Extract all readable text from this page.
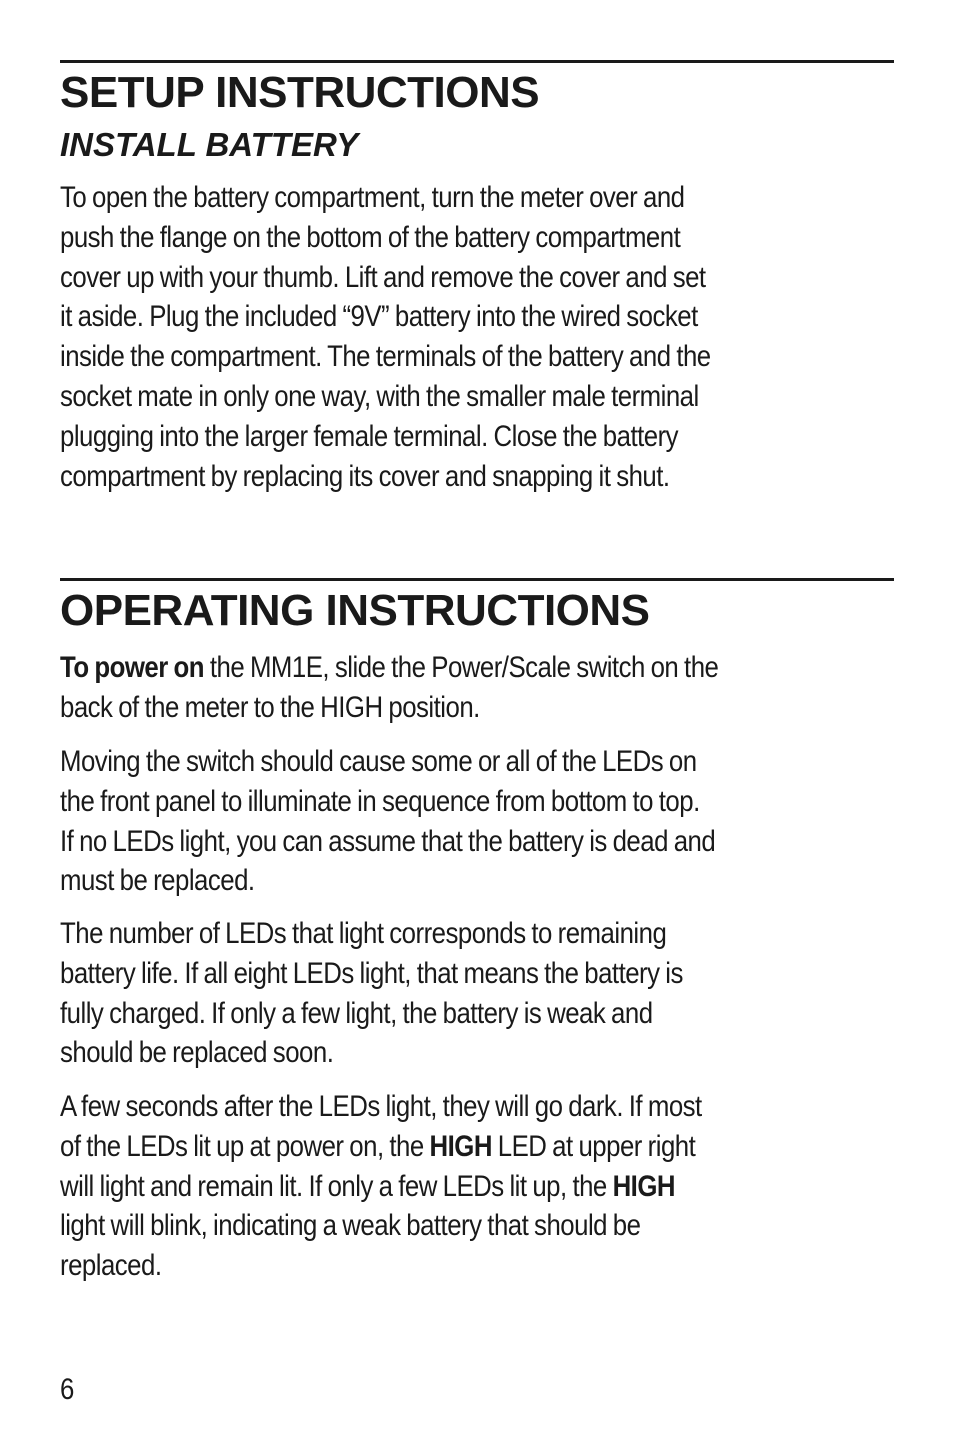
SETUP INSTRUCTIONS
INSTALL BATTERY
To open the battery compartment, turn the meter over and
push the flange on the bottom of the battery compartment
cover up with your thumb. Lift and remove the cover and set
it aside. Plug the included “9V” battery into the wired socket
inside the compartment. The terminals of the battery and the
socket mate in only one way, with the smaller male terminal
plugging into the larger female terminal. Close the battery
compartment by replacing its cover and snapping it shut.
OPERATING INSTRUCTIONS
To power on the MM1E, slide the Power/Scale switch on the
back of the meter to the HIGH position.
Moving the switch should cause some or all of the LEDs on
the front panel to illuminate in sequence from bottom to top.
If no LEDs light, you can assume that the battery is dead and
must be replaced.
The number of LEDs that light corresponds to remaining
battery life. If all eight LEDs light, that means the battery is
fully charged. If only a few light, the battery is weak and
should be replaced soon.
A few seconds after the LEDs light, they will go dark. If most
of the LEDs lit up at power on, the HIGH LED at upper right
will light and remain lit. If only a few LEDs lit up, the HIGH
light will blink, indicating a weak battery that should be
replaced.

6
